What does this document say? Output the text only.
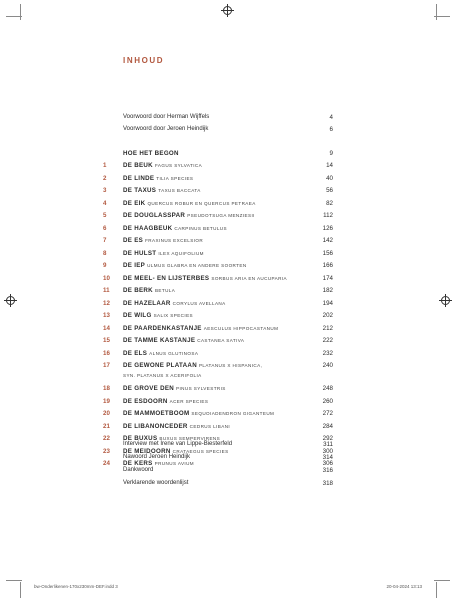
INHOUD
Voorwoord door Herman Wijffels	4
Voorwoord door Jeroen Heindijk	6
HOE HET BEGON	9
1	DE BEUK FAGUS SYLVATICA	14
2	DE LINDE TILIA SPECIES	40
3	DE TAXUS TAXUS BACCATA	56
4	DE EIK QUERCUS ROBUR EN QUERCUS PETRAEA	82
5	DE DOUGLASSPAR PSEUDOTSUGA MENZIESII	112
6	DE HAAGBEUK CARPINUS BETULUS	126
7	DE ES FRAXINUS EXCELSIOR	142
8	DE HULST ILEX AQUIFOLIUM	156
9	DE IEP ULMUS GLABRA EN ANDERE SOORTEN	166
10 DE MEEL- EN LIJSTERBES SORBUS ARIA EN AUCUPARIA	174
11 DE BERK BETULA	182
12 DE HAZELAAR CORYLUS AVELLANA	194
13 DE WILG SALIX SPECIES	202
14 DE PAARDENKASTANJE AESCULUS HIPPOCASTANUM	212
15 DE TAMME KASTANJE CASTANEA SATIVA	222
16 DE ELS ALNUS GLUTINOSA	232
17 DE GEWONE PLATAAN PLATANUS X HISPANICA,	240
SYN. PLATANUS X ACERIFOLIA
18 DE GROVE DEN PINUS SYLVESTRIS	248
19 DE ESDOORN ACER SPECIES	260
20 DE MAMMOETBOOM SEQUOIADENDRON GIGANTEUM	272
21 DE LIBANONCEDER CEDRUS LIBANI	284
22 DE BUXUS BUXUS SEMPERVIRENS	292
23 DE MEIDOORN CRATAEGUS SPECIES	300
24 DE KERS PRUNUS AVIUM	306
Interview met Irene van Lippe-Biesterfeld	311
Nawoord Jeroen Heindijk	314
Dankwoord	316
Verklarende woordenlijst	318
bw-Onderlikenen-170x230mm-DEF.indd 3	20-04-2024 13:13
